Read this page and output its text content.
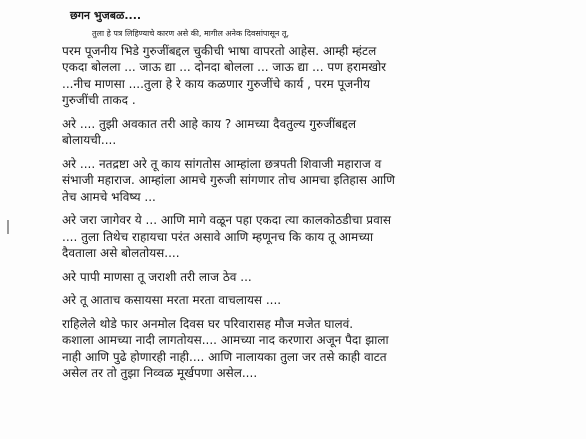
छगन भुजबळ....
तुला हे पत्र लिहिण्याचे कारण असे की, मागील अनेक दिवसांपासून तू,
परम पूजनीय भिडे गुरुजींबद्दल चुकीची भाषा वापरतो आहेस. आम्ही म्हंटल
एकदा बोलला ... जाऊ द्या ... दोनदा बोलला ... जाऊ द्या ... पण हरामखोर
...नीच माणसा ....तुला हे रे काय कळणार गुरुजींचे कार्य , परम पूजनीय
गुरुजींची ताकद .
अरे .... तुझी अवकात तरी आहे काय ? आमच्या दैवतुल्य गुरुजींबद्दल
बोलायची....
अरे .... नतद्रष्टा अरे तू काय सांगतोस आम्हांला छत्रपती शिवाजी महाराज व
संभाजी महाराज. आम्हांला आमचे गुरुजी सांगणार तोच आमचा इतिहास आणि
तेच आमचे भविष्य ...
अरे जरा जागेवर ये ... आणि मागे वळून पहा एकदा त्या कालकोठडीचा प्रवास
.... तुला तिथेच राहायचा परंत असावे आणि म्हणूनच कि काय तू आमच्या
दैवताला असे बोलतोयस....
अरे पापी माणसा तू जराशी तरी लाज ठेव ...
अरे तू आताच कसायसा मरता मरता वाचलायस ....
राहिलेले थोडे फार अनमोल दिवस घर परिवारासह मौज मजेत घालवं.
कशाला आमच्या नादी लागतोयस.... आमच्या नाद करणारा अजून पैदा झाला
नाही आणि पुढे होणारही नाही.... आणि नालायका तुला जर तसे काही वाटत
असेल तर तो तुझा निव्वळ मूर्खपणा असेल....
